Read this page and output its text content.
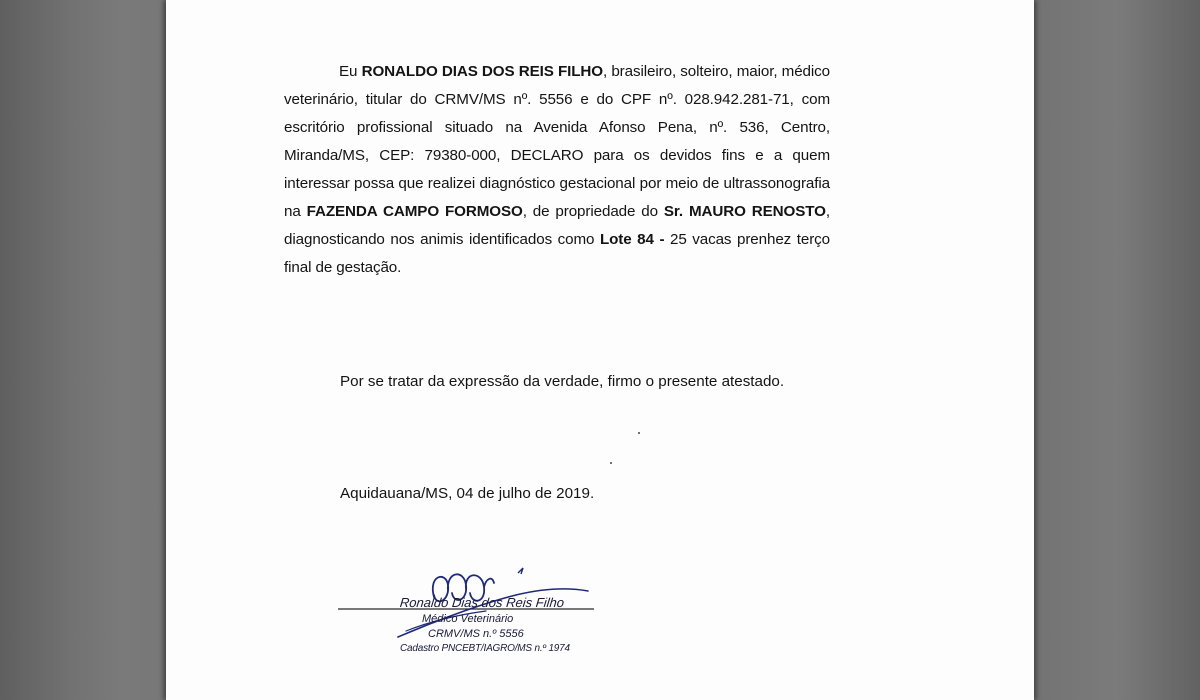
Eu RONALDO DIAS DOS REIS FILHO, brasileiro, solteiro, maior, médico veterinário, titular do CRMV/MS nº. 5556 e do CPF nº. 028.942.281-71, com escritório profissional situado na Avenida Afonso Pena, nº. 536, Centro, Miranda/MS, CEP: 79380-000, DECLARO para os devidos fins e a quem interessar possa que realizei diagnóstico gestacional por meio de ultrassonografia na FAZENDA CAMPO FORMOSO, de propriedade do Sr. MAURO RENOSTO, diagnosticando nos animis identificados como Lote 84 - 25 vacas prenhez terço final de gestação.

Por se tratar da expressão da verdade, firmo o presente atestado.
Aquidauana/MS, 04 de julho de 2019.
Ronaldo Dias dos Reis Filho
Médico Veterinário
CRMV/MS n.º 5556
Cadastro PNCEBT/IAGRO/MS n.º 1974
